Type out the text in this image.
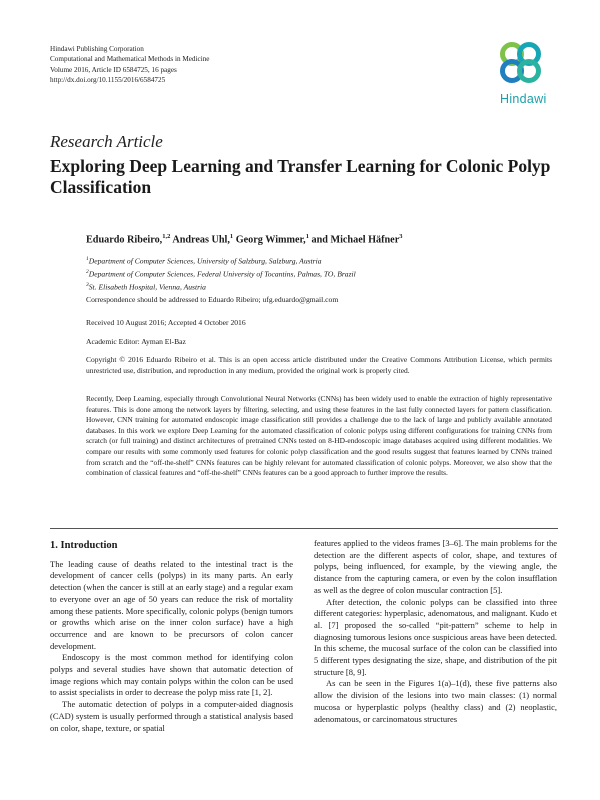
Hindawi Publishing Corporation
Computational and Mathematical Methods in Medicine
Volume 2016, Article ID 6584725, 16 pages
http://dx.doi.org/10.1155/2016/6584725
Hindawi
Research Article
Exploring Deep Learning and Transfer Learning for Colonic Polyp Classification
Eduardo Ribeiro,$^{1,2}$ Andreas Uhl,$^1$ Georg Wimmer,$^1$ and Michael Häfner$^3$
$^1$Department of Computer Sciences, University of Salzburg, Salzburg, Austria
$^2$Department of Computer Sciences, Federal University of Tocantins, Palmas, TO, Brazil
$^3$St. Elisabeth Hospital, Vienna, Austria
Correspondence should be addressed to Eduardo Ribeiro; ufg.eduardo@gmail.com
Received 10 August 2016; Accepted 4 October 2016
Academic Editor: Ayman El-Baz
Copyright © 2016 Eduardo Ribeiro et al. This is an open access article distributed under the Creative Commons Attribution License, which permits unrestricted use, distribution, and reproduction in any medium, provided the original work is properly cited.
Recently, Deep Learning, especially through Convolutional Neural Networks (CNNs) has been widely used to enable the extraction of highly representative features. This is done among the network layers by filtering, selecting, and using these features in the last fully connected layers for pattern classification. However, CNN training for automated endoscopic image classification still provides a challenge due to the lack of large and publicly available annotated databases. In this work we explore Deep Learning for the automated classification of colonic polyps using different configurations for training CNNs from scratch (or full training) and distinct architectures of pretrained CNNs tested on 8-HD-endoscopic image databases acquired using different modalities. We compare our results with some commonly used features for colonic polyp classification and the good results suggest that features learned by CNNs trained from scratch and the “off-the-shelf” CNNs features can be highly relevant for automated classification of colonic polyps. Moreover, we also show that the combination of classical features and “off-the-shelf” CNNs features can be a good approach to further improve the results.
1. Introduction

The leading cause of deaths related to the intestinal tract is the development of cancer cells (polyps) in its many parts. An early detection (when the cancer is still at an early stage) and a regular exam to everyone over an age of 50 years can reduce the risk of mortality among these patients. More specifically, colonic polyps (benign tumors or growths which arise on the inner colon surface) have a high occurrence and are known to be precursors of colon cancer development.

Endoscopy is the most common method for identifying colon polyps and several studies have shown that automatic detection of image regions which may contain polyps within the colon can be used to assist specialists in order to decrease the polyp miss rate [1, 2].

The automatic detection of polyps in a computer-aided diagnosis (CAD) system is usually performed through a statistical analysis based on color, shape, texture, or spatial

features applied to the videos frames [3–6]. The main problems for the detection are the different aspects of color, shape, and textures of polyps, being influenced, for example, by the viewing angle, the distance from the capturing camera, or even by the colon insufflation as well as the degree of colon muscular contraction [5].

After detection, the colonic polyps can be classified into three different categories: hyperplasic, adenomatous, and malignant. Kudo et al. [7] proposed the so-called “pit-pattern” scheme to help in diagnosing tumorous lesions once suspicious areas have been detected. In this scheme, the mucosal surface of the colon can be classified into 5 different types designating the size, shape, and distribution of the pit structure [8, 9].

As can be seen in the Figures 1(a)–1(d), these five patterns also allow the division of the lesions into two main classes: (1) normal mucosa or hyperplastic polyps (healthy class) and (2) neoplastic, adenomatous, or carcinomatous structures
